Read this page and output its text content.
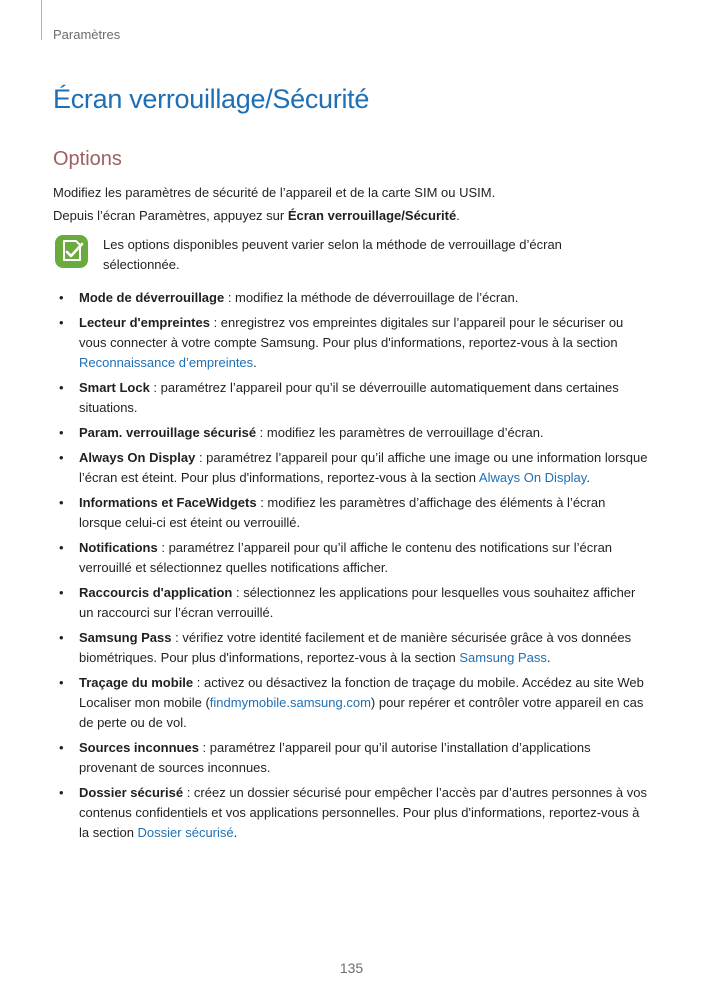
Paramètres
Écran verrouillage/Sécurité
Options

Modifiez les paramètres de sécurité de l’appareil et de la carte SIM ou USIM.

Depuis l’écran Paramètres, appuyez sur Écran verrouillage/Sécurité.

Les options disponibles peuvent varier selon la méthode de verrouillage d’écran sélectionnée.
• Mode de déverrouillage : modifiez la méthode de déverrouillage de l’écran.
• Lecteur d'empreintes : enregistrez vos empreintes digitales sur l’appareil pour le sécuriser ou vous connecter à votre compte Samsung. Pour plus d'informations, reportez-vous à la section Reconnaissance d’empreintes.
• Smart Lock : paramétrez l’appareil pour qu’il se déverrouille automatiquement dans certaines situations.
• Param. verrouillage sécurisé : modifiez les paramètres de verrouillage d’écran.
• Always On Display : paramétrez l’appareil pour qu’il affiche une image ou une information lorsque l’écran est éteint. Pour plus d'informations, reportez-vous à la section Always On Display.
• Informations et FaceWidgets : modifiez les paramètres d’affichage des éléments à l’écran lorsque celui-ci est éteint ou verrouillé.
• Notifications : paramétrez l’appareil pour qu’il affiche le contenu des notifications sur l’écran verrouillé et sélectionnez quelles notifications afficher.
• Raccourcis d'application : sélectionnez les applications pour lesquelles vous souhaitez afficher un raccourci sur l’écran verrouillé.
• Samsung Pass : vérifiez votre identité facilement et de manière sécurisée grâce à vos données biométriques. Pour plus d'informations, reportez-vous à la section Samsung Pass.
• Traçage du mobile : activez ou désactivez la fonction de traçage du mobile. Accédez au site Web Localiser mon mobile (findmymobile.samsung.com) pour repérer et contrôler votre appareil en cas de perte ou de vol.
• Sources inconnues : paramétrez l’appareil pour qu’il autorise l’installation d’applications provenant de sources inconnues.
• Dossier sécurisé : créez un dossier sécurisé pour empêcher l’accès par d’autres personnes à vos contenus confidentiels et vos applications personnelles. Pour plus d'informations, reportez-vous à la section Dossier sécurisé.
135
